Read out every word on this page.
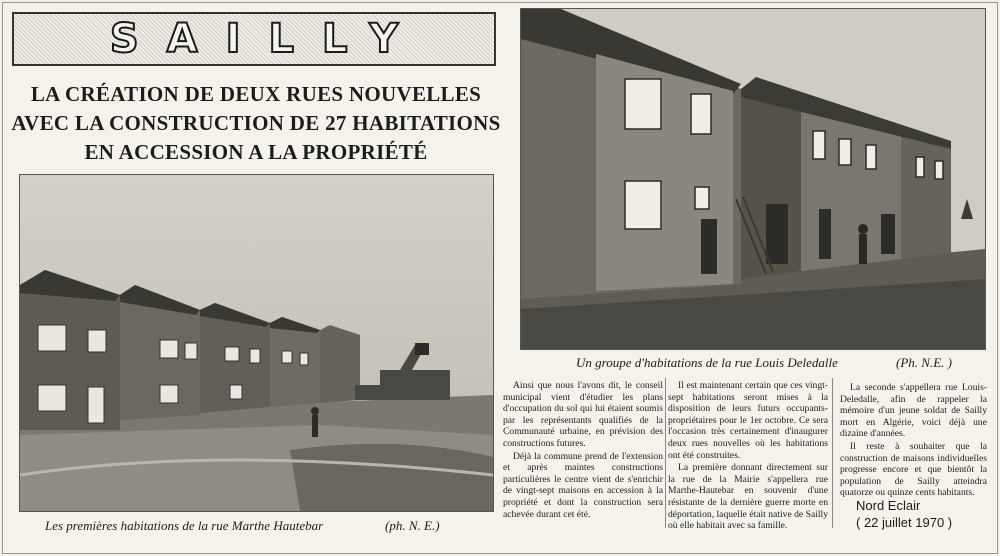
SAILLY
LA CRÉATION DE DEUX RUES NOUVELLES
AVEC LA CONSTRUCTION DE 27 HABITATIONS
EN ACCESSION A LA PROPRIÉTÉ
Les premières habitations de la rue Marthe Hautebar	(ph. N. E.)
Un groupe d'habitations de la rue Louis Deledalle	(Ph. N.E. )

Ainsi que nous l'avons dit, le conseil municipal vient d'étudier les plans d'occupation du sol qui lui étaient soumis par les représentants qualifiés de la Communauté urbaine, en prévision des constructions futures.

Déjà la commune prend de l'extension et après maintes constructions particulières le centre vient de s'enrichir de vingt-sept maisons en accession à la propriété et dont la construction sera achevée durant cet été.

Il est maintenant certain que ces vingt-sept habitations seront mises à la disposition de leurs futurs occupants-propriétaires pour le 1er octobre. Ce sera l'occasion très certainement d'inaugurer deux rues nouvelles où les habitations ont été construites.

La première donnant directement sur la rue de la Mairie s'appellera rue Marthe-Hautebar en souvenir d'une résistante de la dernière guerre morte en déportation, laquelle était native de Sailly où elle habitait avec sa famille.

La seconde s'appellera rue Louis-Deledalle, afin de rappeler la mémoire d'un jeune soldat de Sailly mort en Algérie, voici déjà une dizaine d'années.

Il reste à souhaiter que la construction de maisons individuelles progresse encore et que bientôt la population de Sailly atteindra quatorze ou quinze cents habitants.

Nord Eclair
( 22 juillet 1970 )
